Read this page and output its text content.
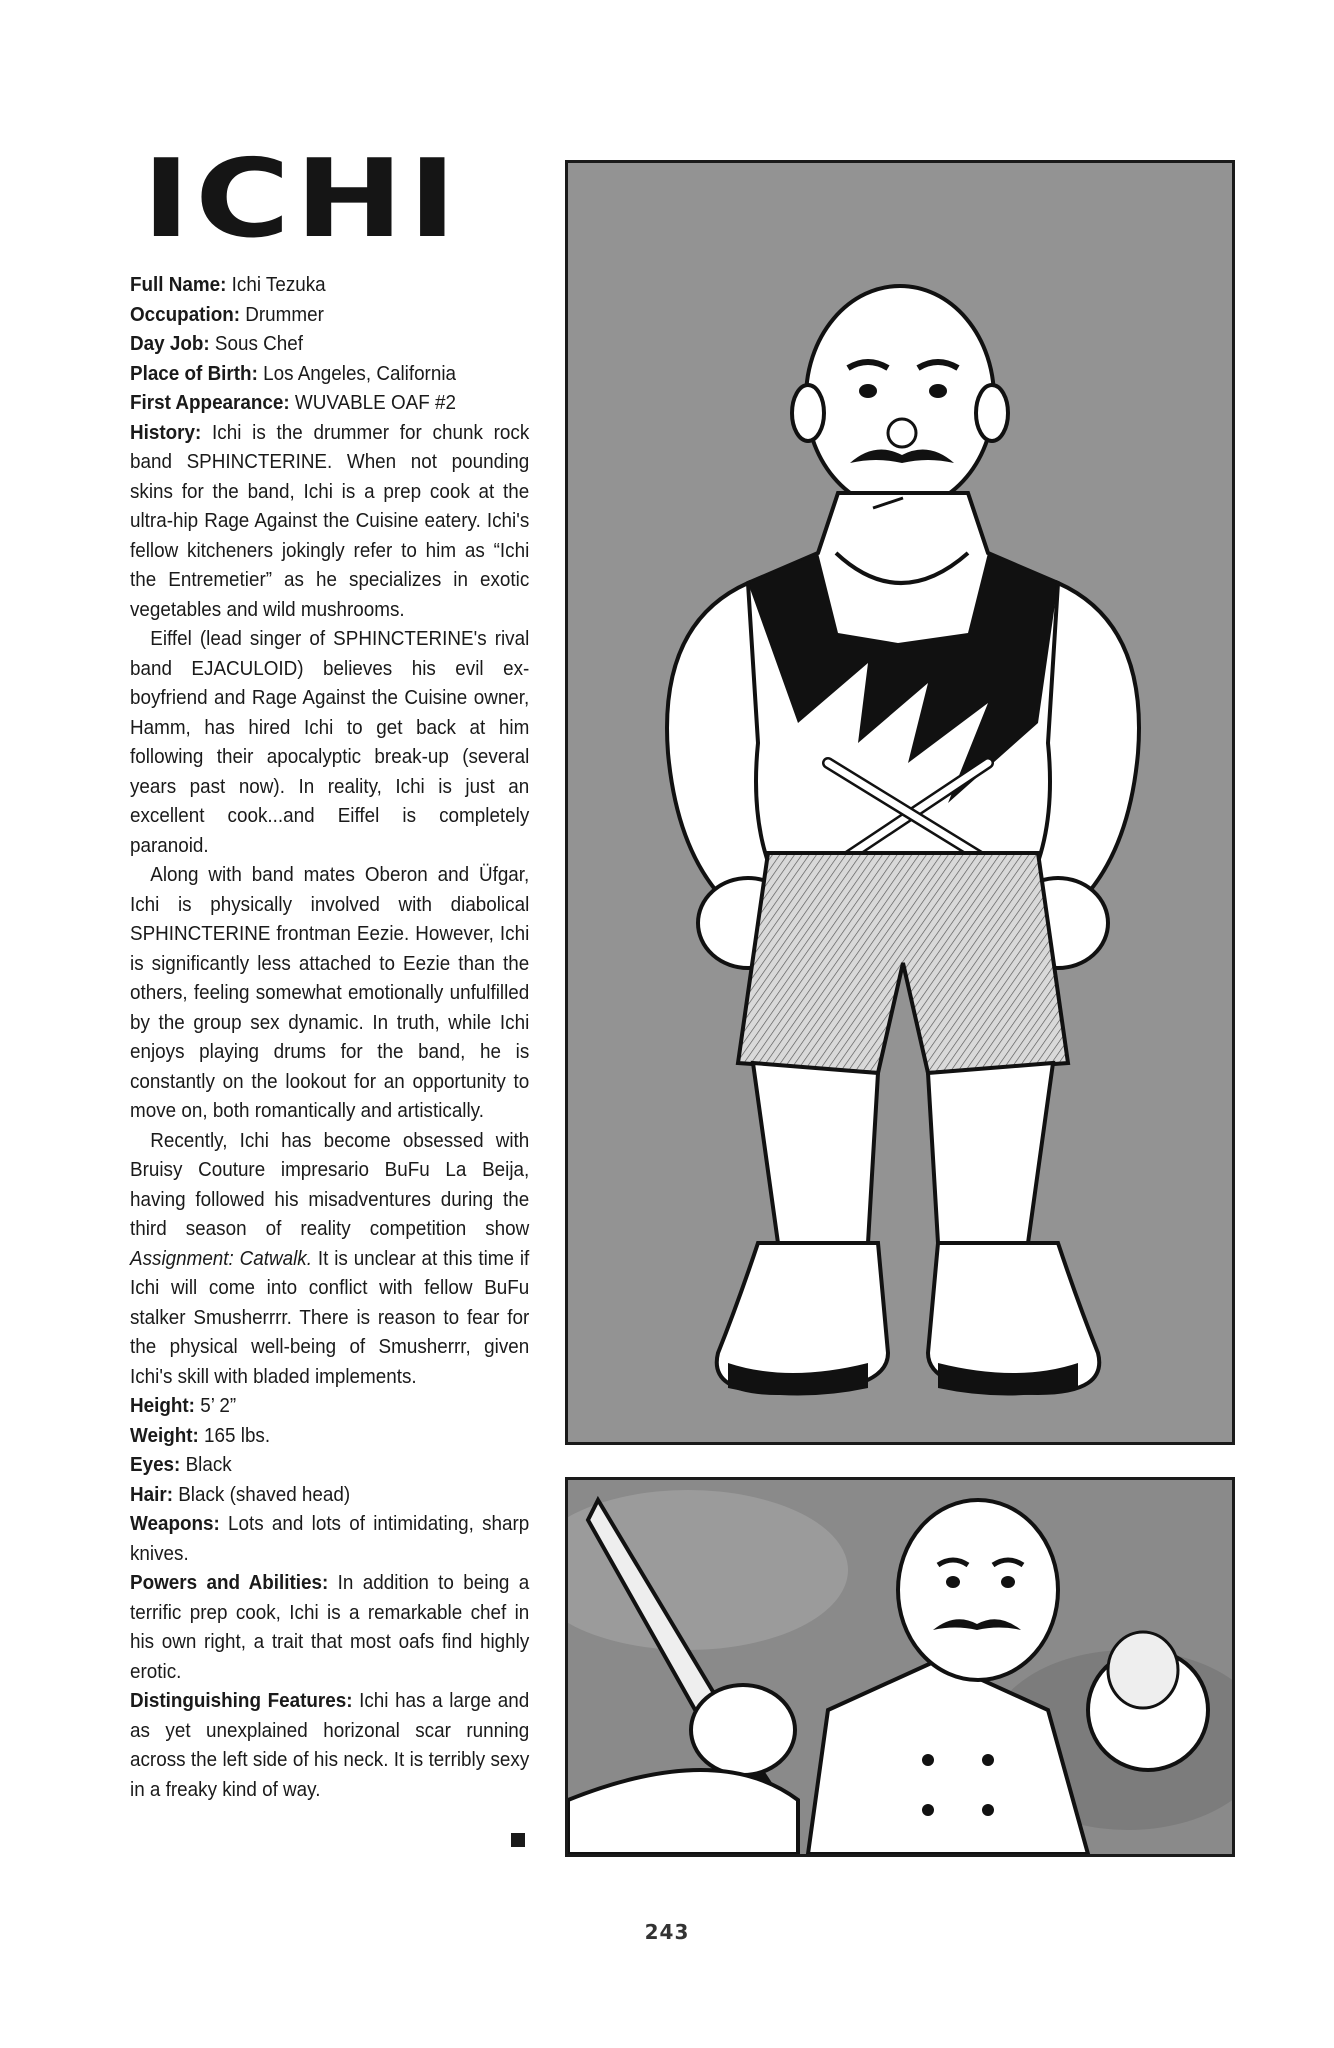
ICHI

Full Name: Ichi Tezuka

Occupation: Drummer

Day Job: Sous Chef

Place of Birth: Los Angeles, California

First Appearance: WUVABLE OAF #2

History: Ichi is the drummer for chunk rock band SPHINCTERINE. When not pounding skins for the band, Ichi is a prep cook at the ultra-hip Rage Against the Cuisine eatery. Ichi's fellow kitcheners jokingly refer to him as “Ichi the Entremetier” as he specializes in exotic vegetables and wild mushrooms.

Eiffel (lead singer of SPHINCTERINE's rival band EJACULOID) believes his evil ex-boyfriend and Rage Against the Cuisine owner, Hamm, has hired Ichi to get back at him following their apocalyptic break-up (several years past now). In reality, Ichi is just an excellent cook...and Eiffel is completely paranoid.

Along with band mates Oberon and Üfgar, Ichi is physically involved with diabolical SPHINCTERINE frontman Eezie. However, Ichi is significantly less attached to Eezie than the others, feeling somewhat emotionally unfulfilled by the group sex dynamic. In truth, while Ichi enjoys playing drums for the band, he is constantly on the lookout for an opportunity to move on, both romantically and artistically.

Recently, Ichi has become obsessed with Bruisy Couture impresario BuFu La Beija, having followed his misadventures during the third season of reality competition show Assignment: Catwalk. It is unclear at this time if Ichi will come into conflict with fellow BuFu stalker Smusherrrr. There is reason to fear for the physical well-being of Smusherrr, given Ichi's skill with bladed implements.

Height: 5’ 2”

Weight: 165 lbs.

Eyes: Black

Hair: Black (shaved head)

Weapons: Lots and lots of intimidating, sharp knives.

Powers and Abilities: In addition to being a terrific prep cook, Ichi is a remarkable chef in his own right, a trait that most oafs find highly erotic.

Distinguishing Features: Ichi has a large and as yet unexplained horizonal scar running across the left side of his neck. It is terribly sexy in a freaky kind of way.

243
